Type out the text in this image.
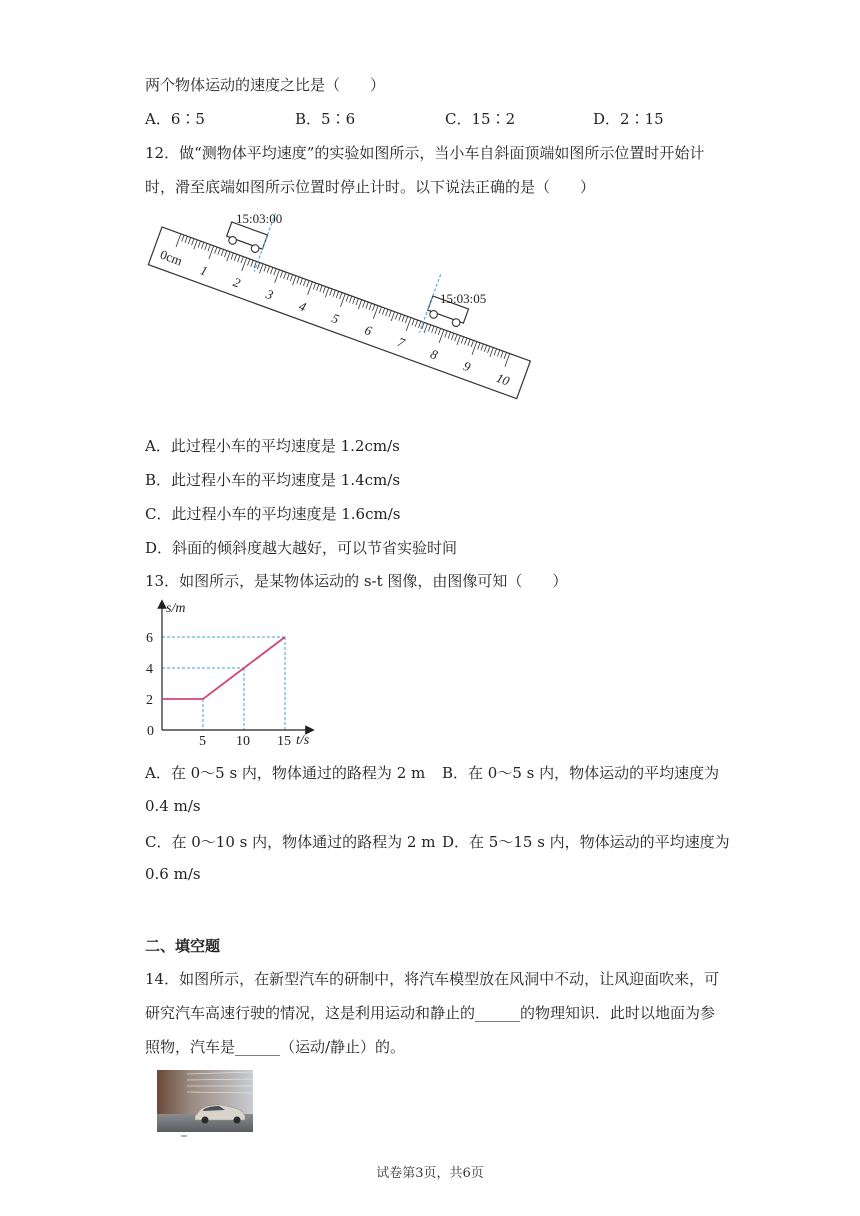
两个物体运动的速度之比是（　　）
A．6∶5	B．5∶6	C．15∶2	D．2∶15
12．做“测物体平均速度”的实验如图所示，当小车自斜面顶端如图所示位置时开始计
时，滑至底端如图所示位置时停止计时。以下说法正确的是（　　）
0cm
1
2
3
4
5
6
7
8
9
10
15:03:00
15:03:05
A．此过程小车的平均速度是 1.2cm/s
B．此过程小车的平均速度是 1.4cm/s
C．此过程小车的平均速度是 1.6cm/s
D．斜面的倾斜度越大越好，可以节省实验时间
13．如图所示，是某物体运动的 s-t 图像，由图像可知（　　）
5 10 15
2
4
6
s/m
t/s
0
A．在 0～5 s 内，物体通过的路程为 2 m B．在 0～5 s 内，物体运动的平均速度为
0.4 m/s
C．在 0～10 s 内，物体通过的路程为 2 m D．在 5～15 s 内，物体运动的平均速度为
0.6 m/s
二、填空题
14．如图所示，在新型汽车的研制中，将汽车模型放在风洞中不动，让风迎面吹来，可
研究汽车高速行驶的情况，这是利用运动和静止的______的物理知识．此时以地面为参
照物，汽车是______（运动/静止）的。
试卷第3页，共6页
